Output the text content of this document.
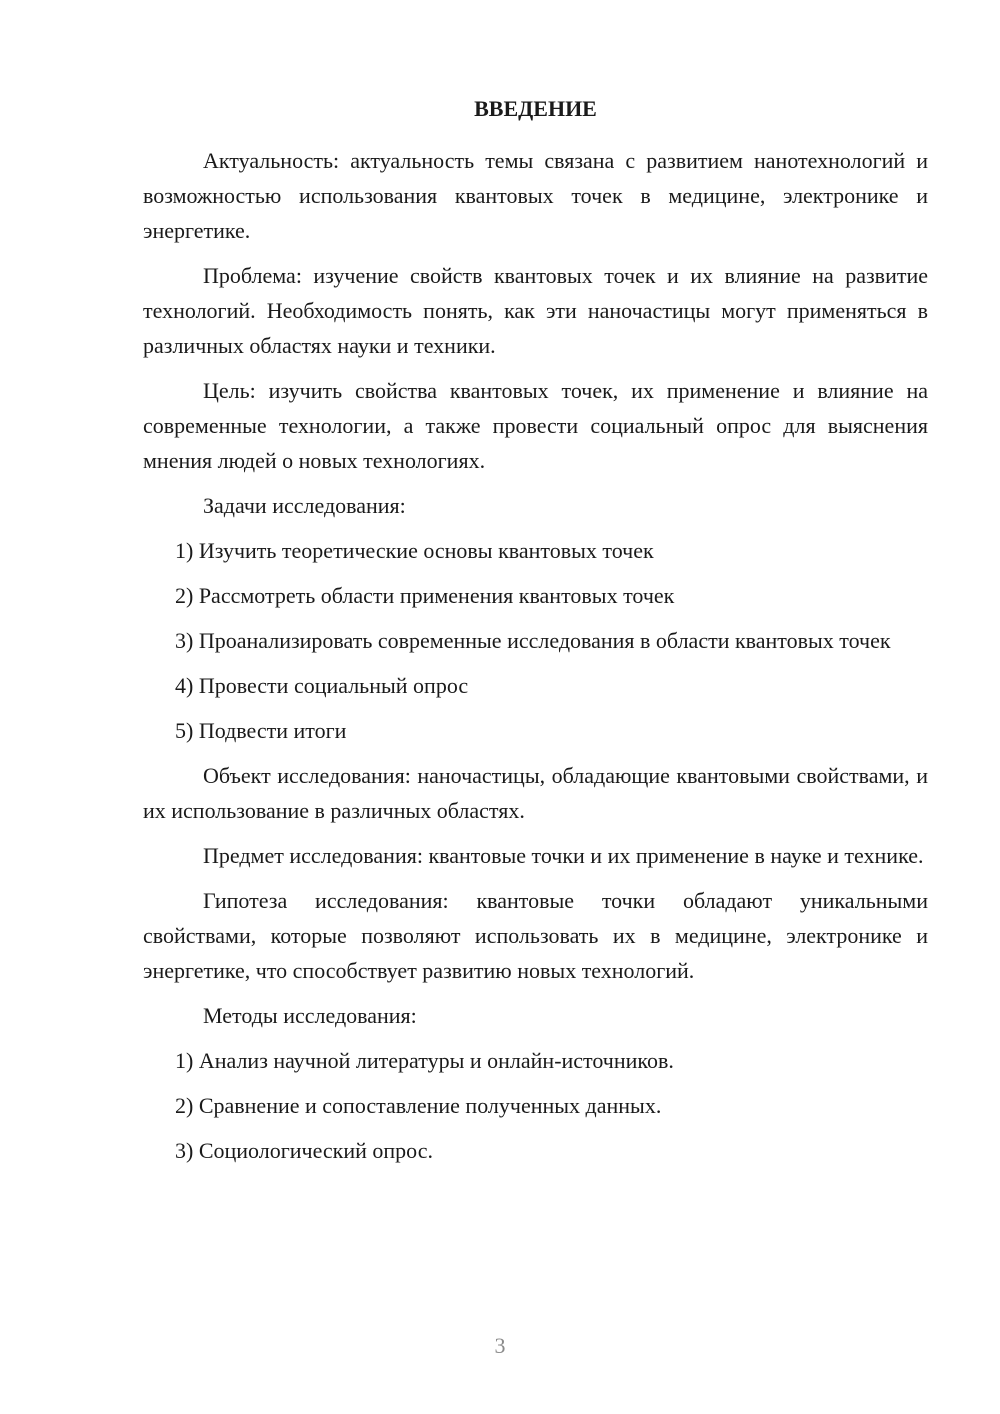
ВВЕДЕНИЕ

Актуальность: актуальность темы связана с развитием нанотехнологий и возможностью использования квантовых точек в медицине, электронике и энергетике.

Проблема: изучение свойств квантовых точек и их влияние на развитие технологий. Необходимость понять, как эти наночастицы могут применяться в различных областях науки и техники.

Цель: изучить свойства квантовых точек, их применение и влияние на современные технологии, а также провести социальный опрос для выяснения мнения людей о новых технологиях.

Задачи исследования:

1) Изучить теоретические основы квантовых точек

2) Рассмотреть области применения квантовых точек

3) Проанализировать современные исследования в области квантовых точек

4) Провести социальный опрос

5) Подвести итоги

Объект исследования: наночастицы, обладающие квантовыми свойствами, и их использование в различных областях.

Предмет исследования: квантовые точки и их применение в науке и технике.

Гипотеза исследования: квантовые точки обладают уникальными свойствами, которые позволяют использовать их в медицине, электронике и энергетике, что способствует развитию новых технологий.

Методы исследования:

1) Анализ научной литературы и онлайн-источников.

2) Сравнение и сопоставление полученных данных.

3) Социологический опрос.

3
